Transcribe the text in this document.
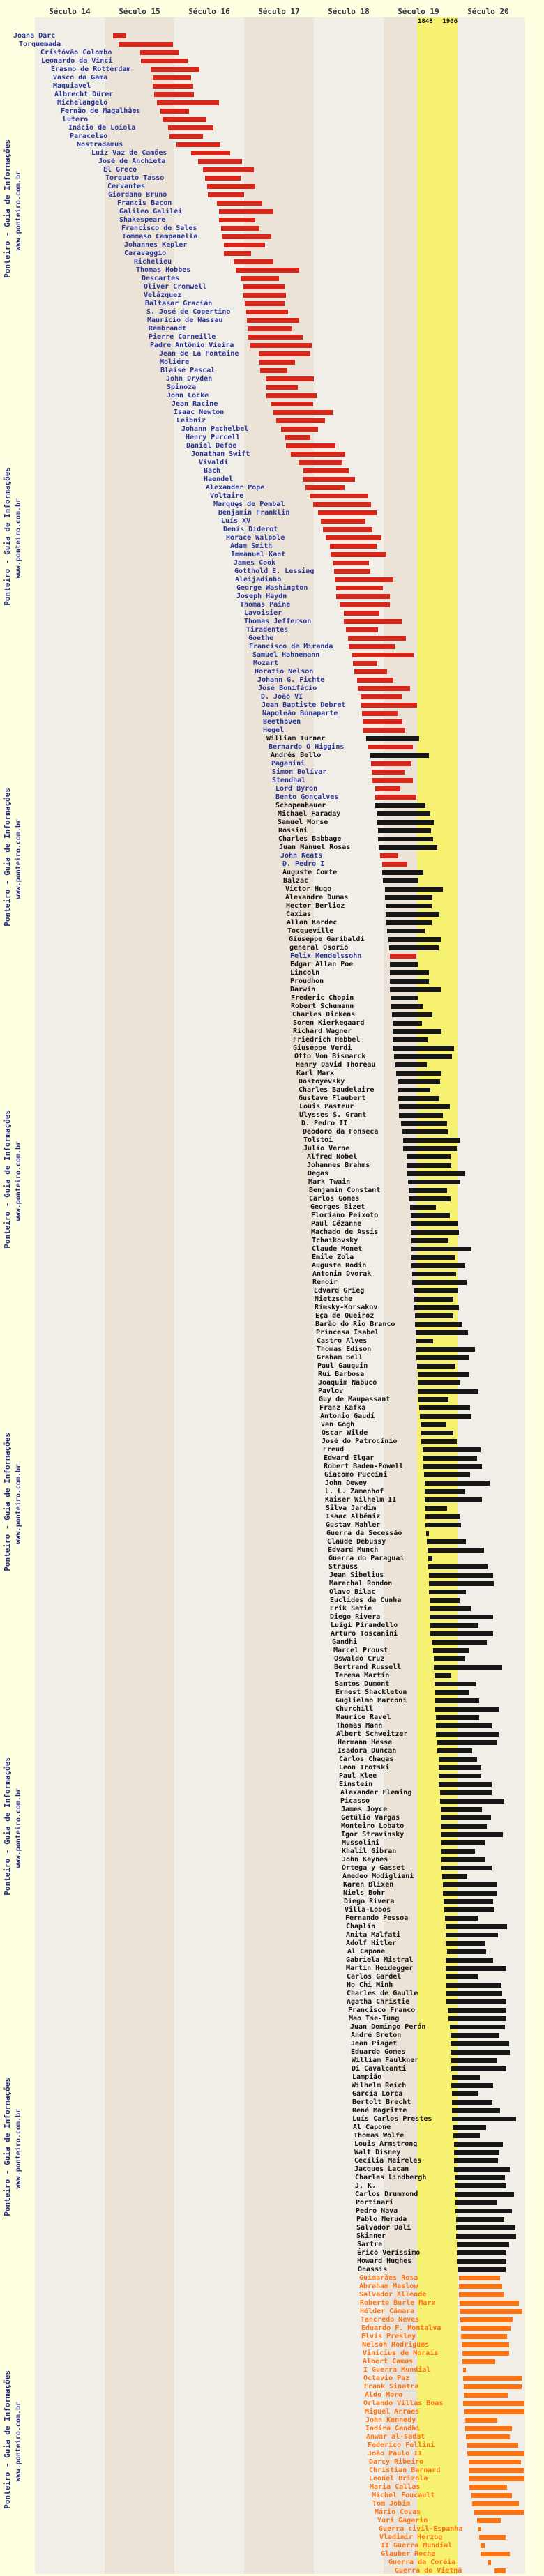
Século 14	Século 15	Século 16	Século 17	Século 18	Século 19	Século 20
1848	1906
Ponteiro - Guia de Informaçőes www.ponteiro.com.br
Ponteiro - Guia de Informaçőes www.ponteiro.com.br
Ponteiro - Guia de Informaçőes www.ponteiro.com.br
Ponteiro - Guia de Informaçőes www.ponteiro.com.br
Ponteiro - Guia de Informaçőes www.ponteiro.com.br
Ponteiro - Guia de Informaçőes www.ponteiro.com.br
Ponteiro - Guia de Informaçőes www.ponteiro.com.br
Ponteiro - Guia de Informaçőes www.ponteiro.com.br
Joana Darc
Torquemada
Cristóvăo Colombo
Leonardo da Vinci
Erasmo de Rotterdam
Vasco da Gama
Maquiavel
Albrecht Dürer
Michelangelo
Fernăo de Magalhăes
Lutero
Inácio de Loiola
Paracelso
Nostradamus
Luíz Vaz de Camőes
José de Anchieta
El Greco
Torquato Tasso
Cervantes
Giordano Bruno
Francis Bacon
Galileo Galilei
Shakespeare
Francisco de Sales
Tommaso Campanella
Johannes Kepler
Caravaggio
Richelieu
Thomas Hobbes
Descartes
Oliver Cromwell
Velázquez
Baltasar Gracián
S. José de Copertino
Mauricio de Nassau
Rembrandt
Pierre Corneille
Padre Antônio Vieira
Jean de La Fontaine
Moliére
Blaise Pascal
John Dryden
Spinoza
John Locke
Jean Racine
Isaac Newton
Leibniz
Johann Pachelbel
Henry Purcell
Daniel Defoe
Jonathan Swift
Vivaldi
Bach
Haendel
Alexander Pope
Voltaire
Marquęs de Pombal
Benjamin Franklin
Luís XV
Denis Diderot
Horace Walpole
Adam Smith
Immanuel Kant
James Cook
Gotthold E. Lessing
Aleijadinho
George Washington
Joseph Haydn
Thomas Paine
Lavoisier
Thomas Jefferson
Tiradentes
Goethe
Francisco de Miranda
Samuel Hahnemann
Mozart
Horatio Nelson
Johann G. Fichte
José Bonifácio
D. Joăo VI
Jean Baptiste Debret
Napoleăo Bonaparte
Beethoven
Hegel
William Turner
Bernardo O Higgins
Andrés Bello
Paganini
Simon Bolívar
Stendhal
Lord Byron
Bento Gonçalves
Schopenhauer
Michael Faraday
Samuel Morse
Rossini
Charles Babbage
Juan Manuel Rosas
John Keats
D. Pedro I
Auguste Comte
Balzac
Victor Hugo
Alexandre Dumas
Hector Berlioz
Caxias
Allan Kardec
Tocqueville
Giuseppe Garibaldi
general Osorio
Felix Mendelssohn
Edgar Allan Poe
Lincoln
Proudhon
Darwin
Frederic Chopin
Robert Schumann
Charles Dickens
Soren Kierkegaard
Richard Wagner
Friedrich Hebbel
Giuseppe Verdi
Otto Von Bismarck
Henry David Thoreau
Karl Marx
Dostoyevsky
Charles Baudelaire
Gustave Flaubert
Louis Pasteur
Ulysses S. Grant
D. Pedro II
Deodoro da Fonseca
Tolstoi
Julio Verne
Alfred Nobel
Johannes Brahms
Degas
Mark Twain
Benjamin Constant
Carlos Gomes
Georges Bizet
Floriano Peixoto
Paul Cézanne
Machado de Assis
Tchaikovsky
Claude Monet
Émile Zola
Auguste Rodin
Antonin Dvorak
Renoir
Edvard Grieg
Nietzsche
Rimsky-Korsakov
Eça de Queiroz
Barăo do Rio Branco
Princesa Isabel
Castro Alves
Thomas Edison
Graham Bell
Paul Gauguin
Rui Barbosa
Joaquim Nabuco
Pavlov
Guy de Maupassant
Franz Kafka
Antonio Gaudí
Van Gogh
Oscar Wilde
José do Patrocínio
Freud
Edward Elgar
Robert Baden-Powell
Giacomo Puccini
John Dewey
L. L. Zamenhof
Kaiser Wilhelm II
Silva Jardim
Isaac Albéniz
Gustav Mahler
Guerra da Secessăo
Claude Debussy
Edvard Munch
Guerra do Paraguai
Strauss
Jean Sibelius
Marechal Rondon
Olavo Bilac
Euclides da Cunha
Erik Satie
Diego Rivera
Luigi Pirandello
Arturo Toscanini
Gandhi
Marcel Proust
Oswaldo Cruz
Bertrand Russell
Teresa Martin
Santos Dumont
Ernest Shackleton
Guglielmo Marconi
Churchill
Maurice Ravel
Thomas Mann
Albert Schweitzer
Hermann Hesse
Isadora Duncan
Carlos Chagas
Leon Trotski
Paul Klee
Einstein
Alexander Fleming
Picasso
James Joyce
Getúlio Vargas
Monteiro Lobato
Igor Stravinsky
Mussolini
Khalil Gibran
John Keynes
Ortega y Gasset
Amedeo Modigliani
Karen Blixen
Niels Bohr
Diego Rivera
Villa-Lobos
Fernando Pessoa
Chaplin
Anita Malfati
Adolf Hitler
Al Capone
Gabriela Mistral
Martin Heidegger
Carlos Gardel
Ho Chi Minh
Charles de Gaulle
Agatha Christie
Francisco Franco
Mao Tse-Tung
Juan Domingo Perón
André Breton
Jean Piaget
Eduardo Gomes
William Faulkner
Di Cavalcanti
Lampiăo
Wilhelm Reich
García Lorca
Bertolt Brecht
René Magritte
Luís Carlos Prestes
Al Capone
Thomas Wolfe
Louis Armstrong
Walt Disney
Cecília Meireles
Jacques Lacan
Charles Lindbergh
J. K.
Carlos Drummond
Portinari
Pedro Nava
Pablo Neruda
Salvador Dali
Skinner
Sartre
Érico Veríssimo
Howard Hughes
Onassis
Guimarăes Rosa
Abraham Maslow
Salvador Allende
Roberto Burle Marx
Hélder Câmara
Tancredo Neves
Eduardo F. Montalva
Elvis Presley
Nelson Rodrigues
Vinícius de Morais
Albert Camus
I Guerra Mundial
Octavio Paz
Frank Sinatra
Aldo Moro
Orlando Villas Boas
Miguel Arraes
John Kennedy
Indira Gandhi
Anwar al-Sadat
Federico Fellini
Joăo Paulo II
Darcy Ribeiro
Christian Barnard
Leonel Brizola
Maria Callas
Michel Foucault
Tom Jobim
Mário Covas
Yuri Gagarin
Guerra civil-Espanha
Vladimir Herzog
II Guerra Mundial
Glauber Rocha
Guerra da Coréia
Guerra do Vietnă
